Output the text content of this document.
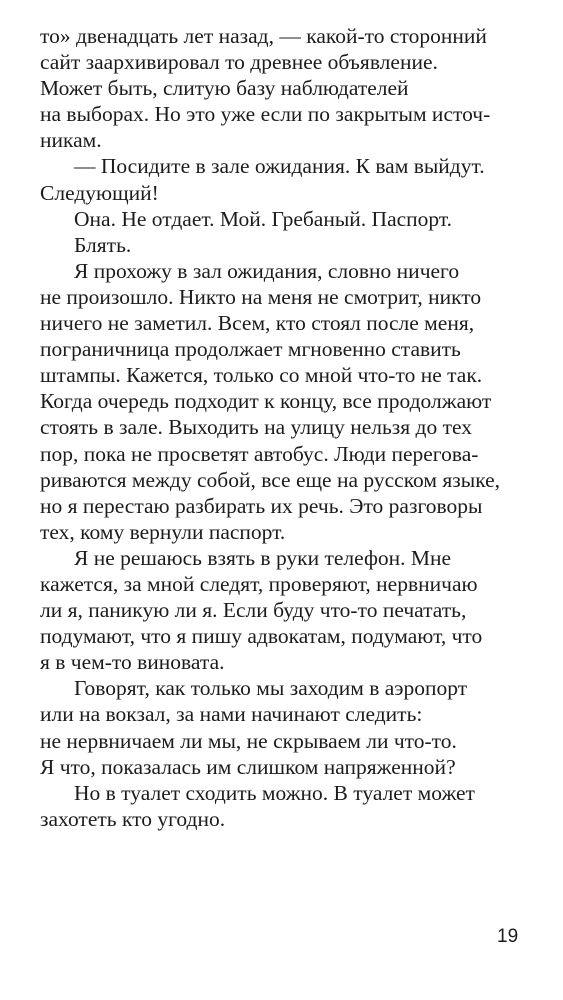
то» двенадцать лет назад, — какой-то сторонний
сайт заархивировал то древнее объявление.
Может быть, слитую базу наблюдателей
на выборах. Но это уже если по закрытым источ-
никам.
— Посидите в зале ожидания. К вам выйдут.
Следующий!
Она. Не отдает. Мой. Гребаный. Паспорт.
Блять.
Я прохожу в зал ожидания, словно ничего
не произошло. Никто на меня не смотрит, никто
ничего не заметил. Всем, кто стоял после меня,
пограничница продолжает мгновенно ставить
штампы. Кажется, только со мной что-то не так.
Когда очередь подходит к концу, все продолжают
стоять в зале. Выходить на улицу нельзя до тех
пор, пока не просветят автобус. Люди перегова-
риваются между собой, все еще на русском языке,
но я перестаю разбирать их речь. Это разговоры
тех, кому вернули паспорт.
Я не решаюсь взять в руки телефон. Мне
кажется, за мной следят, проверяют, нервничаю
ли я, паникую ли я. Если буду что-то печатать,
подумают, что я пишу адвокатам, подумают, что
я в чем-то виновата.
Говорят, как только мы заходим в аэропорт
или на вокзал, за нами начинают следить:
не нервничаем ли мы, не скрываем ли что-то.
Я что, показалась им слишком напряженной?
Но в туалет сходить можно. В туалет может
захотеть кто угодно.
19
